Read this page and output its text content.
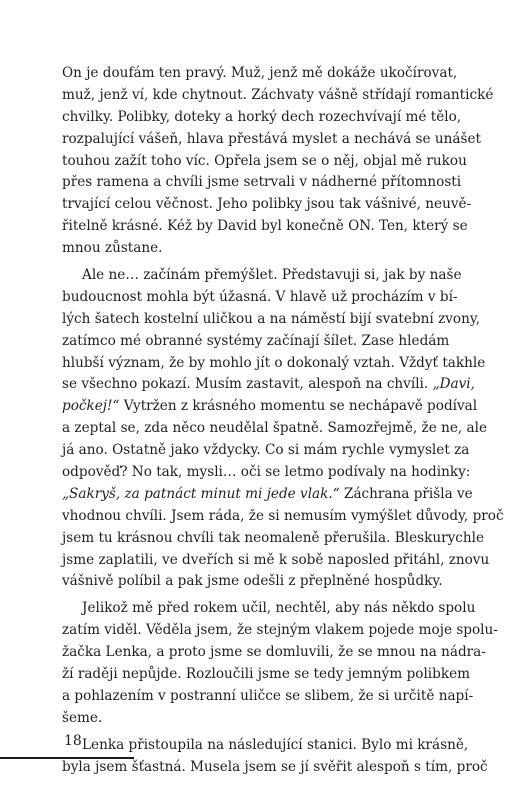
On je doufám ten pravý. Muž, jenž mě dokáže ukočírovat,
muž, jenž ví, kde chytnout. Záchvaty vášně střídají romantické
chvilky. Polibky, doteky a horký dech rozechvívají mé tělo,
rozpalující vášeň, hlava přestává myslet a nechává se unášet
touhou zažít toho víc. Opřela jsem se o něj, objal mě rukou
přes ramena a chvíli jsme setrvali v nádherné přítomnosti
trvající celou věčnost. Jeho polibky jsou tak vášnivé, neuvě-
řitelně krásné. Kéž by David byl konečně ON. Ten, který se
mnou zůstane.
Ale ne… začínám přemýšlet. Představuji si, jak by naše
budoucnost mohla být úžasná. V hlavě už procházím v bí-
lých šatech kostelní uličkou a na náměstí bijí svatební zvony,
zatímco mé obranné systémy začínají šílet. Zase hledám
hlubší význam, že by mohlo jít o dokonalý vztah. Vždyť takhle
se všechno pokazí. Musím zastavit, alespoň na chvíli. „Davi,
počkej!“ Vytržen z krásného momentu se nechápavě podíval
a zeptal se, zda něco neudělal špatně. Samozřejmě, že ne, ale
já ano. Ostatně jako vždycky. Co si mám rychle vymyslet za
odpověď? No tak, mysli… oči se letmo podívaly na hodinky:
„Sakryš, za patnáct minut mi jede vlak.“ Záchrana přišla ve
vhodnou chvíli. Jsem ráda, že si nemusím vymýšlet důvody, proč
jsem tu krásnou chvíli tak neomaleně přerušila. Bleskurychle
jsme zaplatili, ve dveřích si mě k sobě naposled přitáhl, znovu
vášnivě políbil a pak jsme odešli z přeplněné hospůdky.
Jelikož mě před rokem učil, nechtěl, aby nás někdo spolu
zatím viděl. Věděla jsem, že stejným vlakem pojede moje spolu-
žačka Lenka, a proto jsme se domluvili, že se mnou na nádra-
ží raději nepůjde. Rozloučili jsme se tedy jemným polibkem
a pohlazením v postranní uličce se slibem, že si určitě napí-
šeme.
Lenka přistoupila na následující stanici. Bylo mi krásně,
byla jsem šťastná. Musela jsem se jí svěřit alespoň s tím, proč
18
